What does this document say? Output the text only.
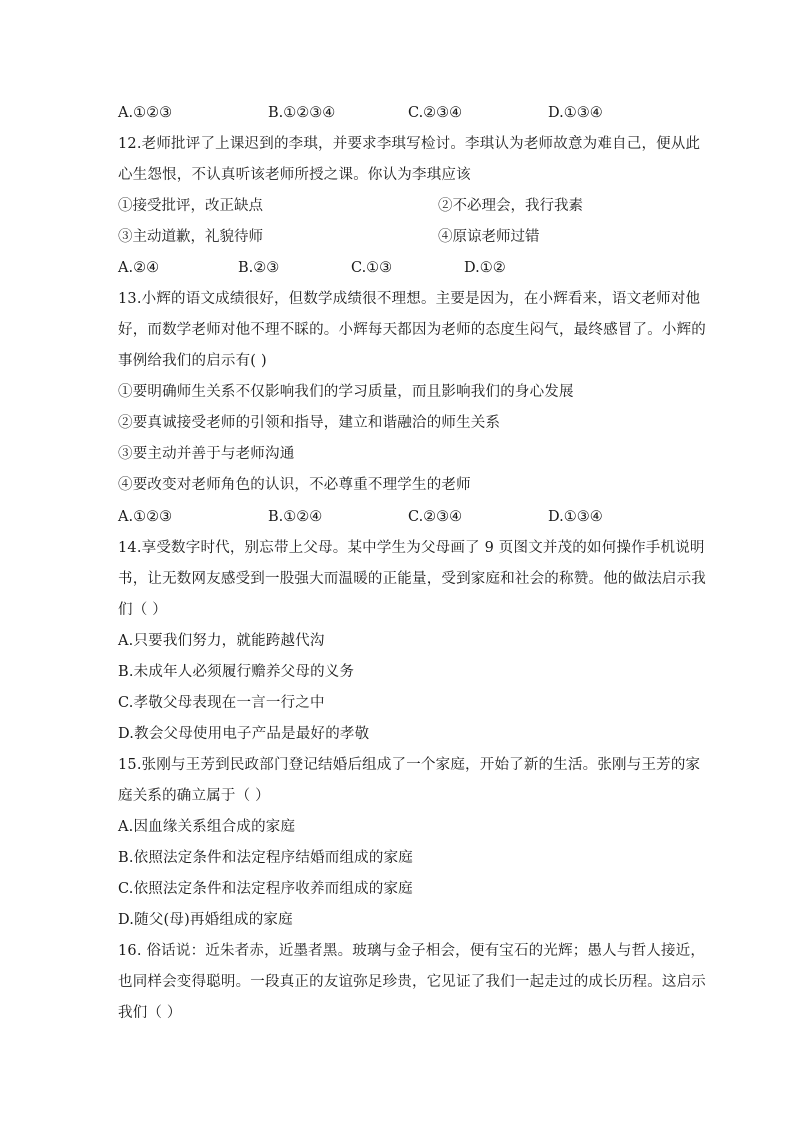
A.①②③	B.①②③④	C.②③④	D.①③④
12.老师批评了上课迟到的李琪，并要求李琪写检讨。李琪认为老师故意为难自己，便从此
心生怨恨，不认真听该老师所授之课。你认为李琪应该
①接受批评，改正缺点	②不必理会，我行我素
③主动道歉，礼貌待师	④原谅老师过错
A.②④	B.②③	C.①③	D.①②
13.小辉的语文成绩很好，但数学成绩很不理想。主要是因为，在小辉看来，语文老师对他
好，而数学老师对他不理不睬的。小辉每天都因为老师的态度生闷气，最终感冒了。小辉的
事例给我们的启示有( )
①要明确师生关系不仅影响我们的学习质量，而且影响我们的身心发展
②要真诚接受老师的引领和指导，建立和谐融洽的师生关系
③要主动并善于与老师沟通
④要改变对老师角色的认识，不必尊重不理学生的老师
A.①②③	B.①②④	C.②③④	D.①③④
14.享受数字时代，别忘带上父母。某中学生为父母画了 9 页图文并茂的如何操作手机说明
书，让无数网友感受到一股强大而温暖的正能量，受到家庭和社会的称赞。他的做法启示我
们（ ）
A.只要我们努力，就能跨越代沟
B.未成年人必须履行赡养父母的义务
C.孝敬父母表现在一言一行之中
D.教会父母使用电子产品是最好的孝敬
15.张刚与王芳到民政部门登记结婚后组成了一个家庭，开始了新的生活。张刚与王芳的家
庭关系的确立属于（ ）
A.因血缘关系组合成的家庭
B.依照法定条件和法定程序结婚而组成的家庭
C.依照法定条件和法定程序收养而组成的家庭
D.随父(母)再婚组成的家庭
16. 俗话说：近朱者赤，近墨者黑。玻璃与金子相会，便有宝石的光辉；愚人与哲人接近，
也同样会变得聪明。一段真正的友谊弥足珍贵，它见证了我们一起走过的成长历程。这启示
我们（ ）
